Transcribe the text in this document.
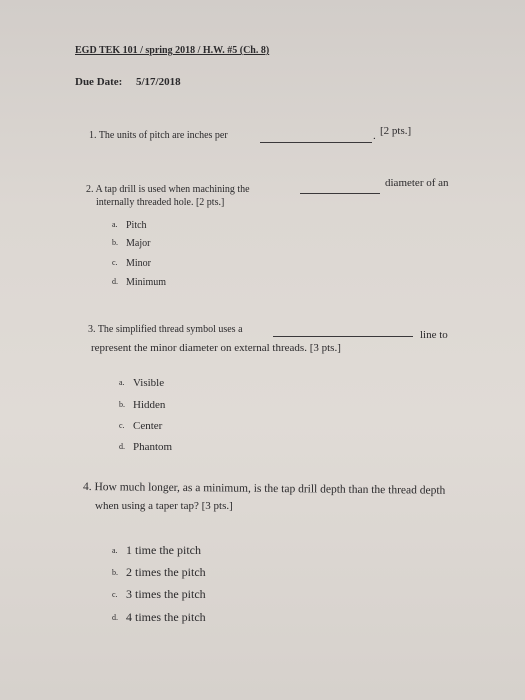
EGD TEK 101 / spring 2018 / H.W. #5 (Ch. 8)
Due Date: 5/17/2018
1. The units of pitch are inches per	. [2 pts.]
2. A tap drill is used when machining the
diameter of an
internally threaded hole. [2 pts.]
a. Pitch
b. Major
c. Minor
d. Minimum
3. The simplified thread symbol uses a	line to
represent the minor diameter on external threads. [3 pts.]
a. Visible
b. Hidden
c. Center
d. Phantom
4. How much longer, as a minimum, is the tap drill depth than the thread depth
when using a taper tap? [3 pts.]
a. 1 time the pitch
b. 2 times the pitch
c. 3 times the pitch
d. 4 times the pitch
